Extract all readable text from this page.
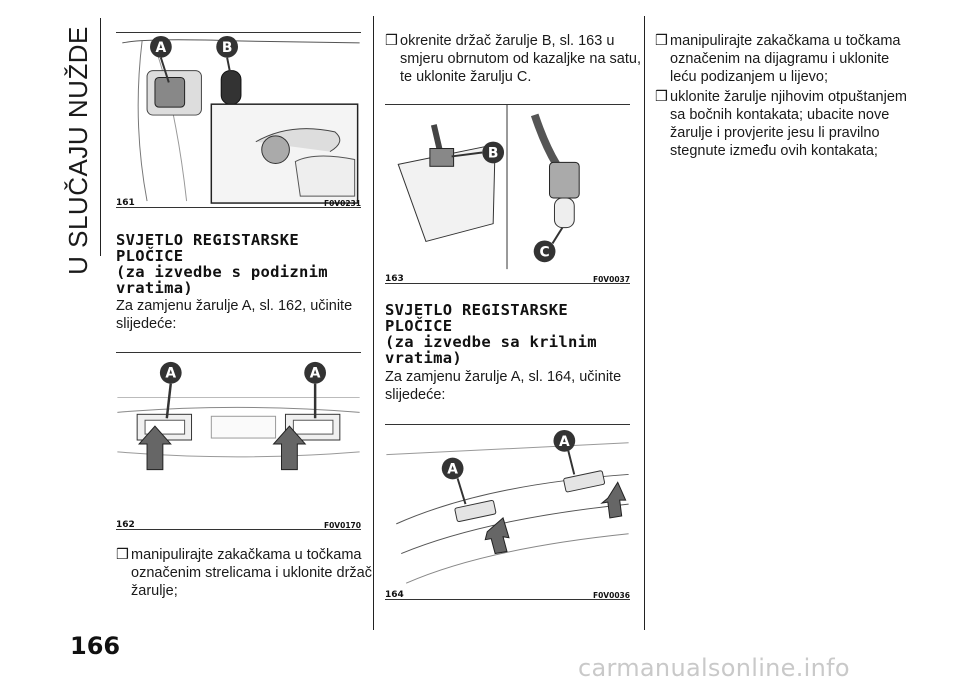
U SLUČAJU NUŽDE	A	B
161	F0V0231
SVJETLO REGISTARSKE
PLOČICE
(za izvedbe s podiznim
vratima)
Za zamjenu žarulje A, sl. 162, učinite
slijedeće:
A	A
162	F0V0170
❒ manipulirajte zakačkama u točkama
označenim strelicama i uklonite držač
žarulje;
❒ okrenite držač žarulje B, sl. 163 u
smjeru obrnutom od kazaljke na satu,
te uklonite žarulju C.
B
C
163	F0V0037
SVJETLO REGISTARSKE
PLOČICE
(za izvedbe sa krilnim
vratima)
Za zamjenu žarulje A, sl. 164, učinite
slijedeće:
A
A
164	F0V0036
❒ manipulirajte zakačkama u točkama
označenim na dijagramu i uklonite
leću podizanjem u lijevo;
❒ uklonite žarulje njihovim otpuštanjem
sa bočnih kontakata; ubacite nove
žarulje i provjerite jesu li pravilno
stegnute između ovih kontakata;
166
carmanualsonline.info
